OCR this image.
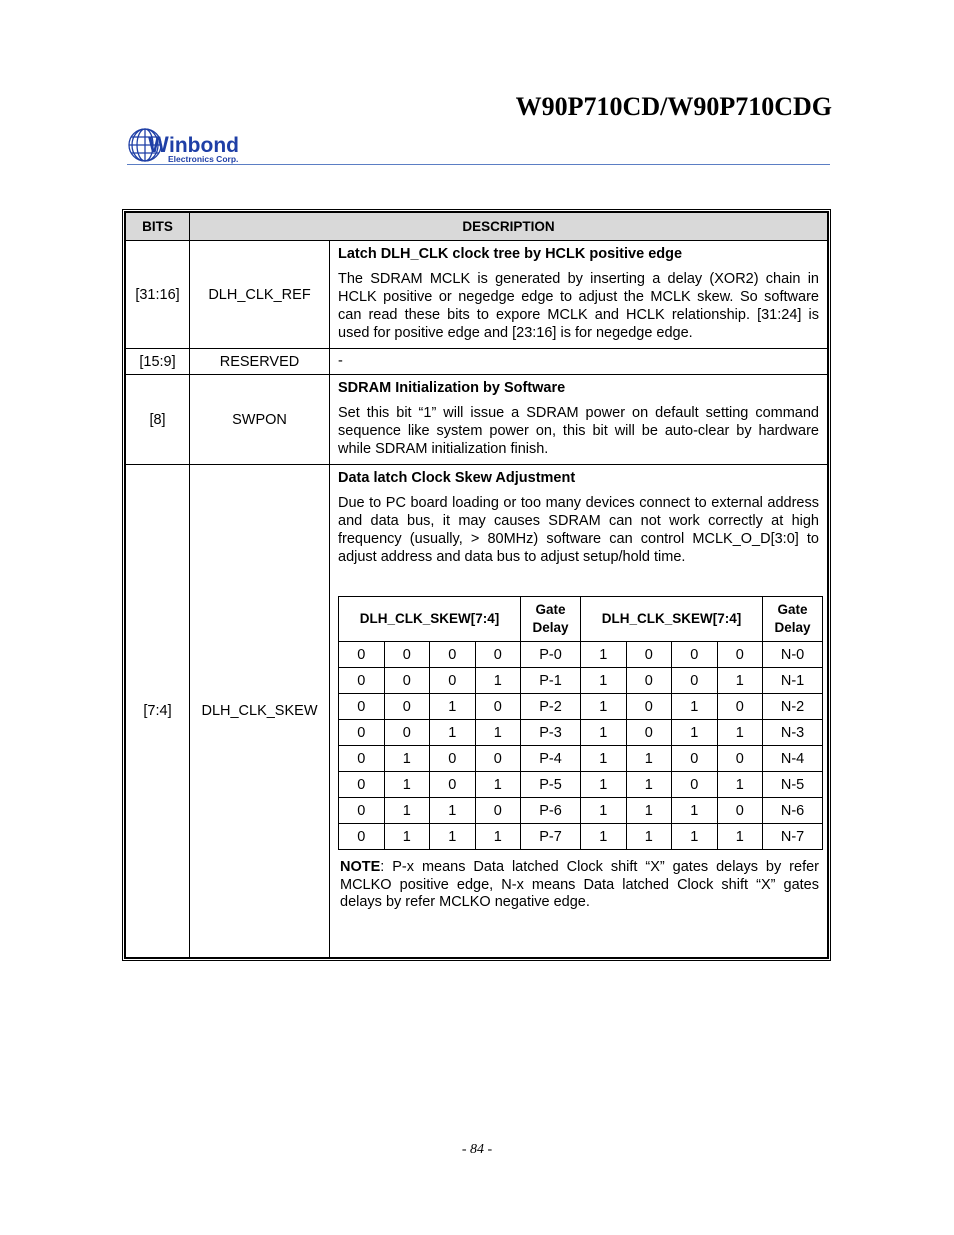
W90P710CD/W90P710CDG
W inbond
Electronics Corp.
BITS	DESCRIPTION
[31:16]	DLH_CLK_REF	
Latch DLH_CLK clock tree by HCLK positive edge
The SDRAM MCLK is generated by inserting a delay (XOR2) chain in HCLK positive or negedge edge to adjust the MCLK skew. So software can read these bits to expore MCLK and HCLK relationship. [31:24] is used for positive edge and [23:16] is for negedge edge.

[15:9]	RESERVED	-

[8]	SWPON	
SDRAM Initialization by Software
Set this bit “1” will issue a SDRAM power on default setting command sequence like system power on, this bit will be auto-clear by hardware while SDRAM initialization finish.

[7:4]	DLH_CLK_SKEW	
Data latch Clock Skew Adjustment
Due to PC board loading or too many devices connect to external address and data bus, it may causes SDRAM can not work correctly at high frequency (usually, > 80MHz) software can control MCLK_O_D[3:0] to adjust address and data bus to adjust setup/hold time.
DLH_CLK_SKEW[7:4]	Gate Delay	DLH_CLK_SKEW[7:4]	Gate Delay
0	0	0	0	P-0	1	0	0	0	N-0
0	0	0	1	P-1	1	0	0	1	N-1
0	0	1	0	P-2	1	0	1	0	N-2
0	0	1	1	P-3	1	0	1	1	N-3
0	1	0	0	P-4	1	1	0	0	N-4
0	1	0	1	P-5	1	1	0	1	N-5
0	1	1	0	P-6	1	1	1	0	N-6
0	1	1	1	P-7	1	1	1	1	N-7
NOTE: P-x means Data latched Clock shift “X” gates delays by refer MCLKO positive edge, N-x means Data latched Clock shift “X” gates delays by refer MCLKO negative edge.
- 84 -
